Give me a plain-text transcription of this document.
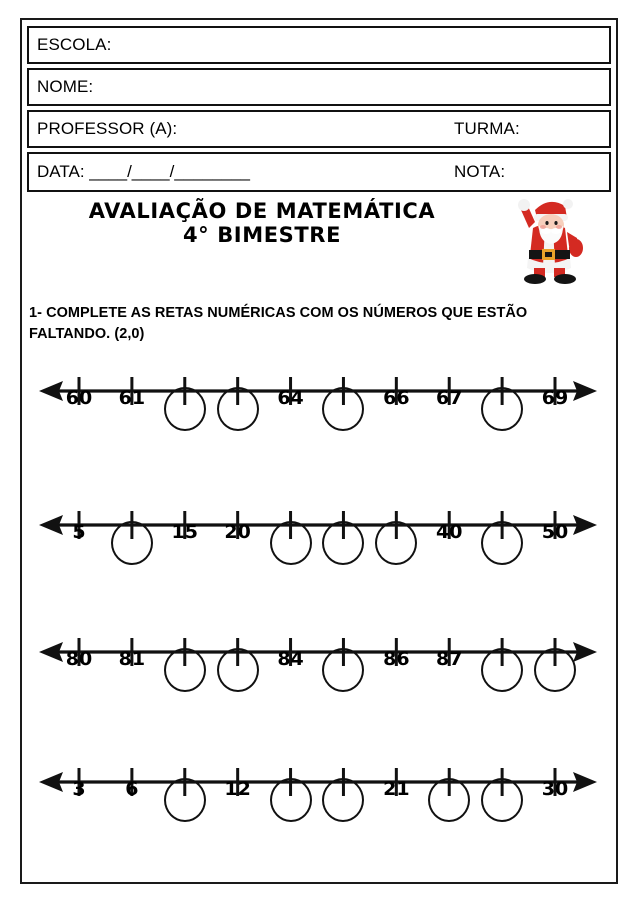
ESCOLA:
NOME:
PROFESSOR (A):	TURMA:
DATA: ____/____/________	NOTA:
AVALIAÇÃO DE MATEMÁTICA
4° BIMESTRE
1- COMPLETE AS RETAS NUMÉRICAS COM OS NÚMEROS QUE ESTÃO FALTANDO. (2,0)
60	61	64	66	67	69
5	15	20	40	50
80	81	84	86	87
3	6	12	21	30
